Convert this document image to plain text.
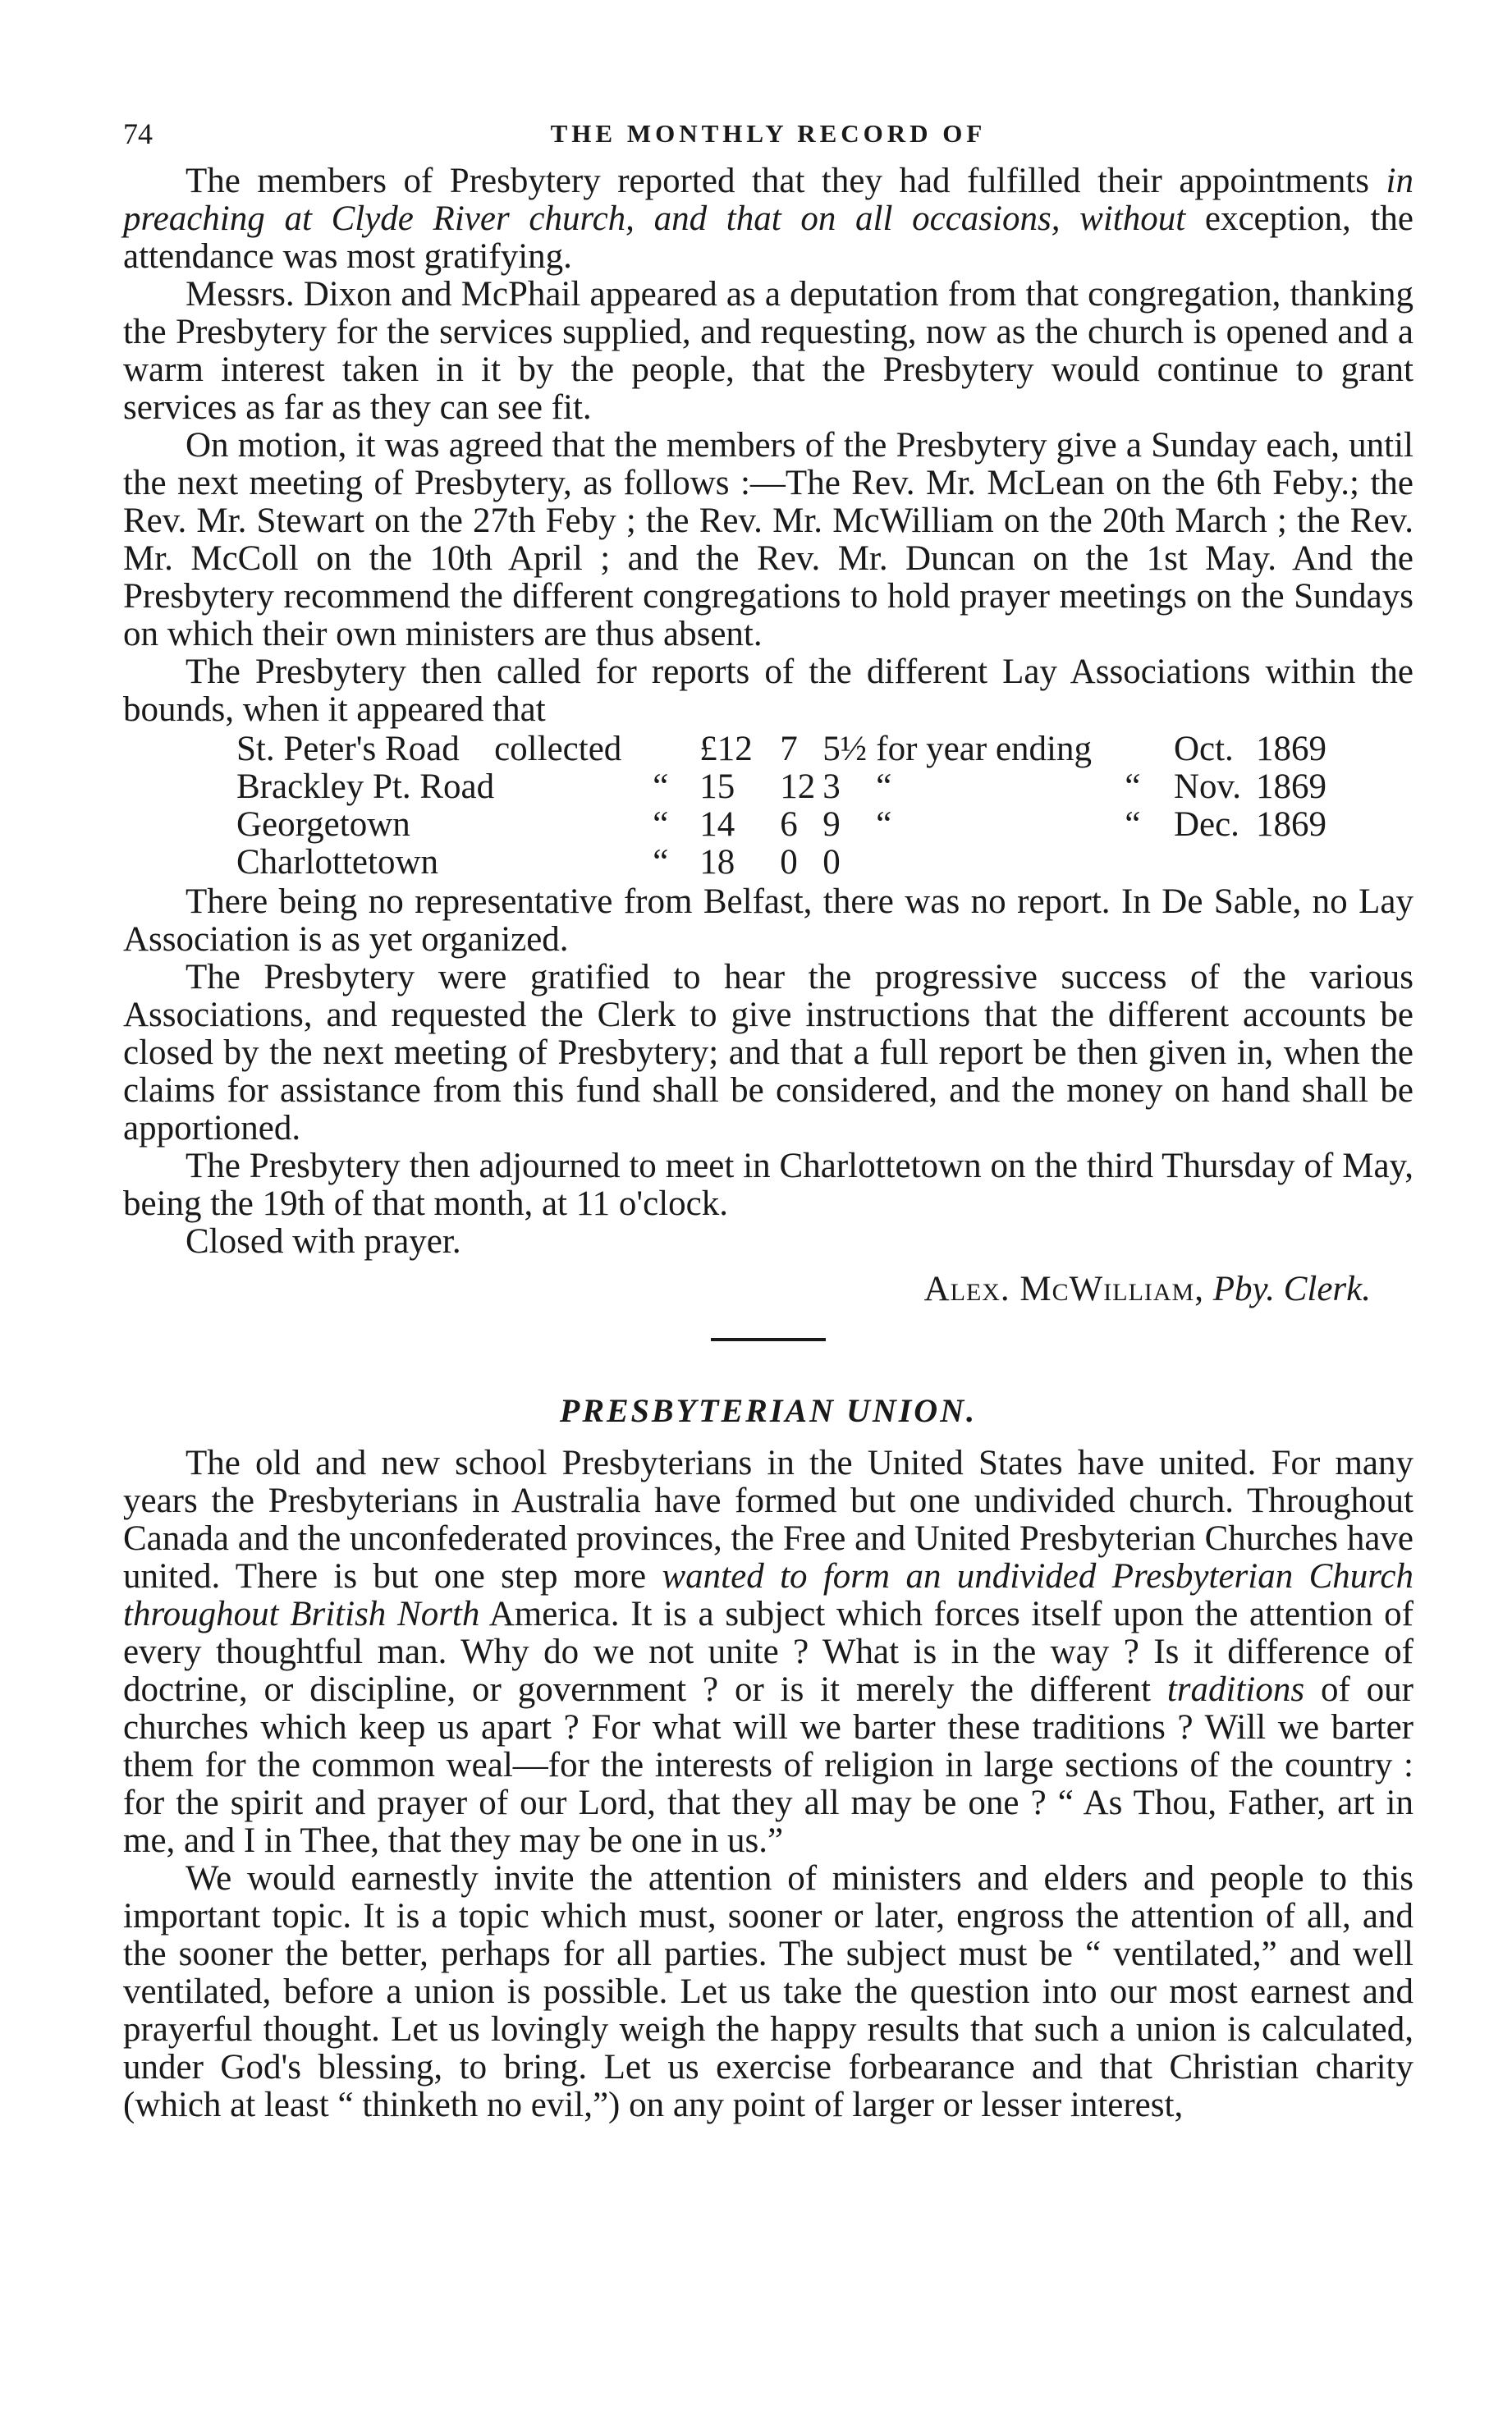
74	THE MONTHLY RECORD OF

The members of Presbytery reported that they had fulfilled their appointments in preaching at Clyde River church, and that on all occasions, without exception, the attendance was most gratifying.

Messrs. Dixon and McPhail appeared as a deputation from that congregation, thanking the Presbytery for the services supplied, and requesting, now as the church is opened and a warm interest taken in it by the people, that the Presbytery would continue to grant services as far as they can see fit.

On motion, it was agreed that the members of the Presbytery give a Sunday each, until the next meeting of Presbytery, as follows :—The Rev. Mr. McLean on the 6th Feby.; the Rev. Mr. Stewart on the 27th Feby ; the Rev. Mr. McWilliam on the 20th March ; the Rev. Mr. McColl on the 10th April ; and the Rev. Mr. Duncan on the 1st May. And the Presbytery recommend the different congregations to hold prayer meetings on the Sundays on which their own ministers are thus absent.

The Presbytery then called for reports of the different Lay Associations within the bounds, when it appeared that

St. Peter's Road	collected		£12	7	5½	for year ending		Oct.	1869
Brackley Pt. Road		“	15	12	3	“	“	Nov.	1869
Georgetown		“	14	6	9	“	“	Dec.	1869
Charlottetown		“	18	0	0				

There being no representative from Belfast, there was no report. In De Sable, no Lay Association is as yet organized.

The Presbytery were gratified to hear the progressive success of the various Associations, and requested the Clerk to give instructions that the different accounts be closed by the next meeting of Presbytery; and that a full report be then given in, when the claims for assistance from this fund shall be considered, and the money on hand shall be apportioned.

The Presbytery then adjourned to meet in Charlottetown on the third Thursday of May, being the 19th of that month, at 11 o'clock.

Closed with prayer.

Alex. McWilliam, Pby. Clerk.
PRESBYTERIAN UNION.

The old and new school Presbyterians in the United States have united. For many years the Presbyterians in Australia have formed but one undivided church. Throughout Canada and the unconfederated provinces, the Free and United Presbyterian Churches have united. There is but one step more wanted to form an undivided Presbyterian Church throughout British North America. It is a subject which forces itself upon the attention of every thoughtful man. Why do we not unite ? What is in the way ? Is it difference of doctrine, or discipline, or government ? or is it merely the different traditions of our churches which keep us apart ? For what will we barter these traditions ? Will we barter them for the common weal—for the interests of religion in large sections of the country : for the spirit and prayer of our Lord, that they all may be one ? “ As Thou, Father, art in me, and I in Thee, that they may be one in us.”

We would earnestly invite the attention of ministers and elders and people to this important topic. It is a topic which must, sooner or later, engross the attention of all, and the sooner the better, perhaps for all parties. The subject must be “ ventilated,” and well ventilated, before a union is possible. Let us take the question into our most earnest and prayerful thought. Let us lovingly weigh the happy results that such a union is calculated, under God's blessing, to bring. Let us exercise forbearance and that Christian charity (which at least “ thinketh no evil,”) on any point of larger or lesser interest,
